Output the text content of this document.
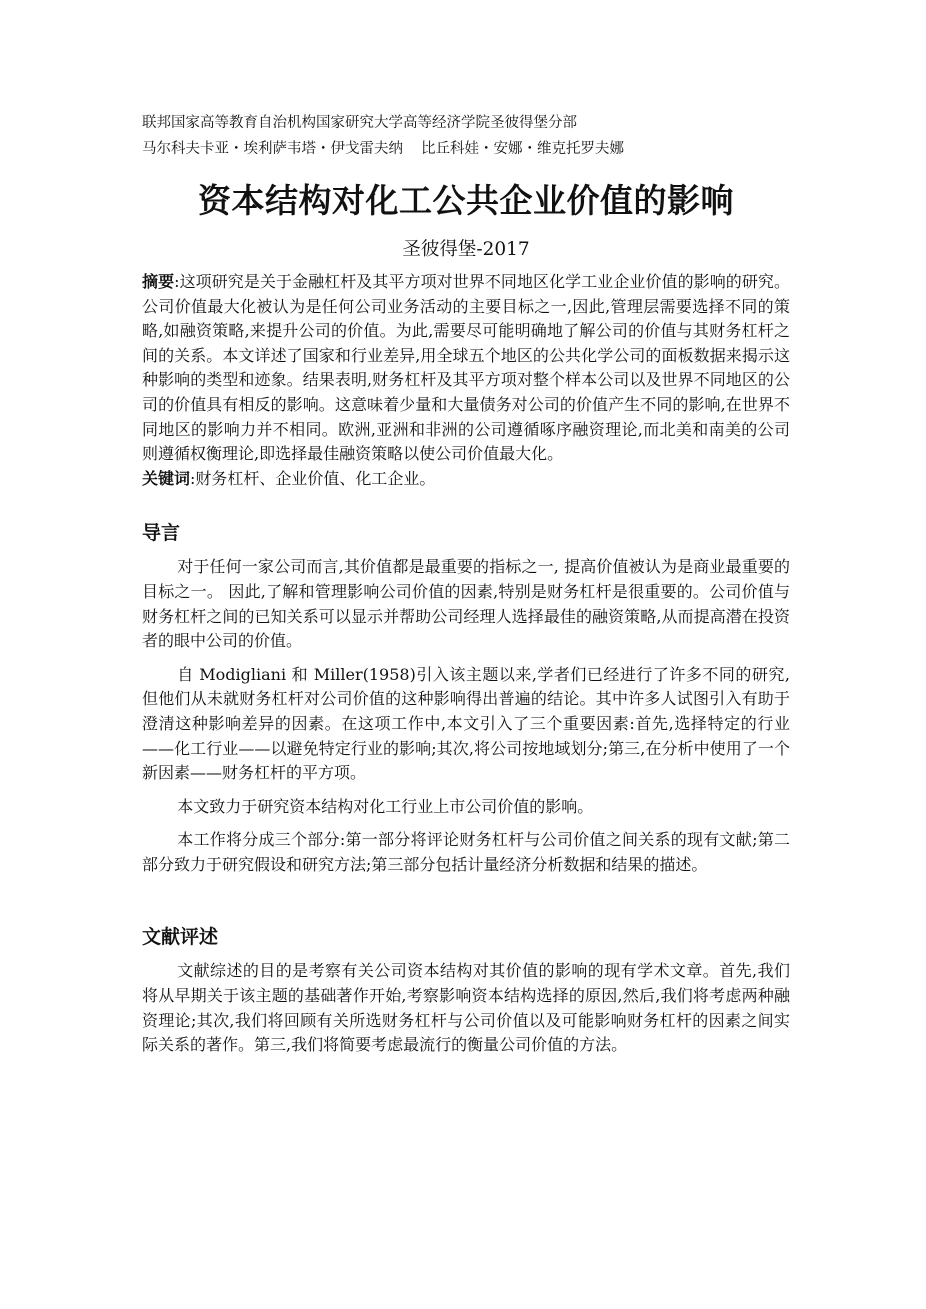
联邦国家高等教育自治机构国家研究大学高等经济学院圣彼得堡分部
马尔科夫卡亚・埃利萨韦塔・伊戈雷夫纳 比丘科娃・安娜・维克托罗夫娜
资本结构对化工公共企业价值的影响
圣彼得堡-2017
摘要:这项研究是关于金融杠杆及其平方项对世界不同地区化学工业企业价值的影响的研究。公司价值最大化被认为是任何公司业务活动的主要目标之一,因此,管理层需要选择不同的策略,如融资策略,来提升公司的价值。为此,需要尽可能明确地了解公司的价值与其财务杠杆之间的关系。本文详述了国家和行业差异,用全球五个地区的公共化学公司的面板数据来揭示这种影响的类型和迹象。结果表明,财务杠杆及其平方项对整个样本公司以及世界不同地区的公司的价值具有相反的影响。这意味着少量和大量债务对公司的价值产生不同的影响,在世界不同地区的影响力并不相同。欧洲,亚洲和非洲的公司遵循啄序融资理论,而北美和南美的公司则遵循权衡理论,即选择最佳融资策略以使公司价值最大化。
关键词:财务杠杆、企业价值、化工企业。
导言

对于任何一家公司而言,其价值都是最重要的指标之一, 提高价值被认为是商业最重要的目标之一。 因此,了解和管理影响公司价值的因素,特别是财务杠杆是很重要的。公司价值与财务杠杆之间的已知关系可以显示并帮助公司经理人选择最佳的融资策略,从而提高潜在投资者的眼中公司的价值。

自 Modigliani 和 Miller(1958)引入该主题以来,学者们已经进行了许多不同的研究,但他们从未就财务杠杆对公司价值的这种影响得出普遍的结论。其中许多人试图引入有助于澄清这种影响差异的因素。在这项工作中,本文引入了三个重要因素:首先,选择特定的行业——化工行业——以避免特定行业的影响;其次,将公司按地域划分;第三,在分析中使用了一个新因素——财务杠杆的平方项。

本文致力于研究资本结构对化工行业上市公司价值的影响。

本工作将分成三个部分:第一部分将评论财务杠杆与公司价值之间关系的现有文献;第二部分致力于研究假设和研究方法;第三部分包括计量经济分析数据和结果的描述。

文献评述

文献综述的目的是考察有关公司资本结构对其价值的影响的现有学术文章。首先,我们将从早期关于该主题的基础著作开始,考察影响资本结构选择的原因,然后,我们将考虑两种融资理论;其次,我们将回顾有关所选财务杠杆与公司价值以及可能影响财务杠杆的因素之间实际关系的著作。第三,我们将简要考虑最流行的衡量公司价值的方法。
